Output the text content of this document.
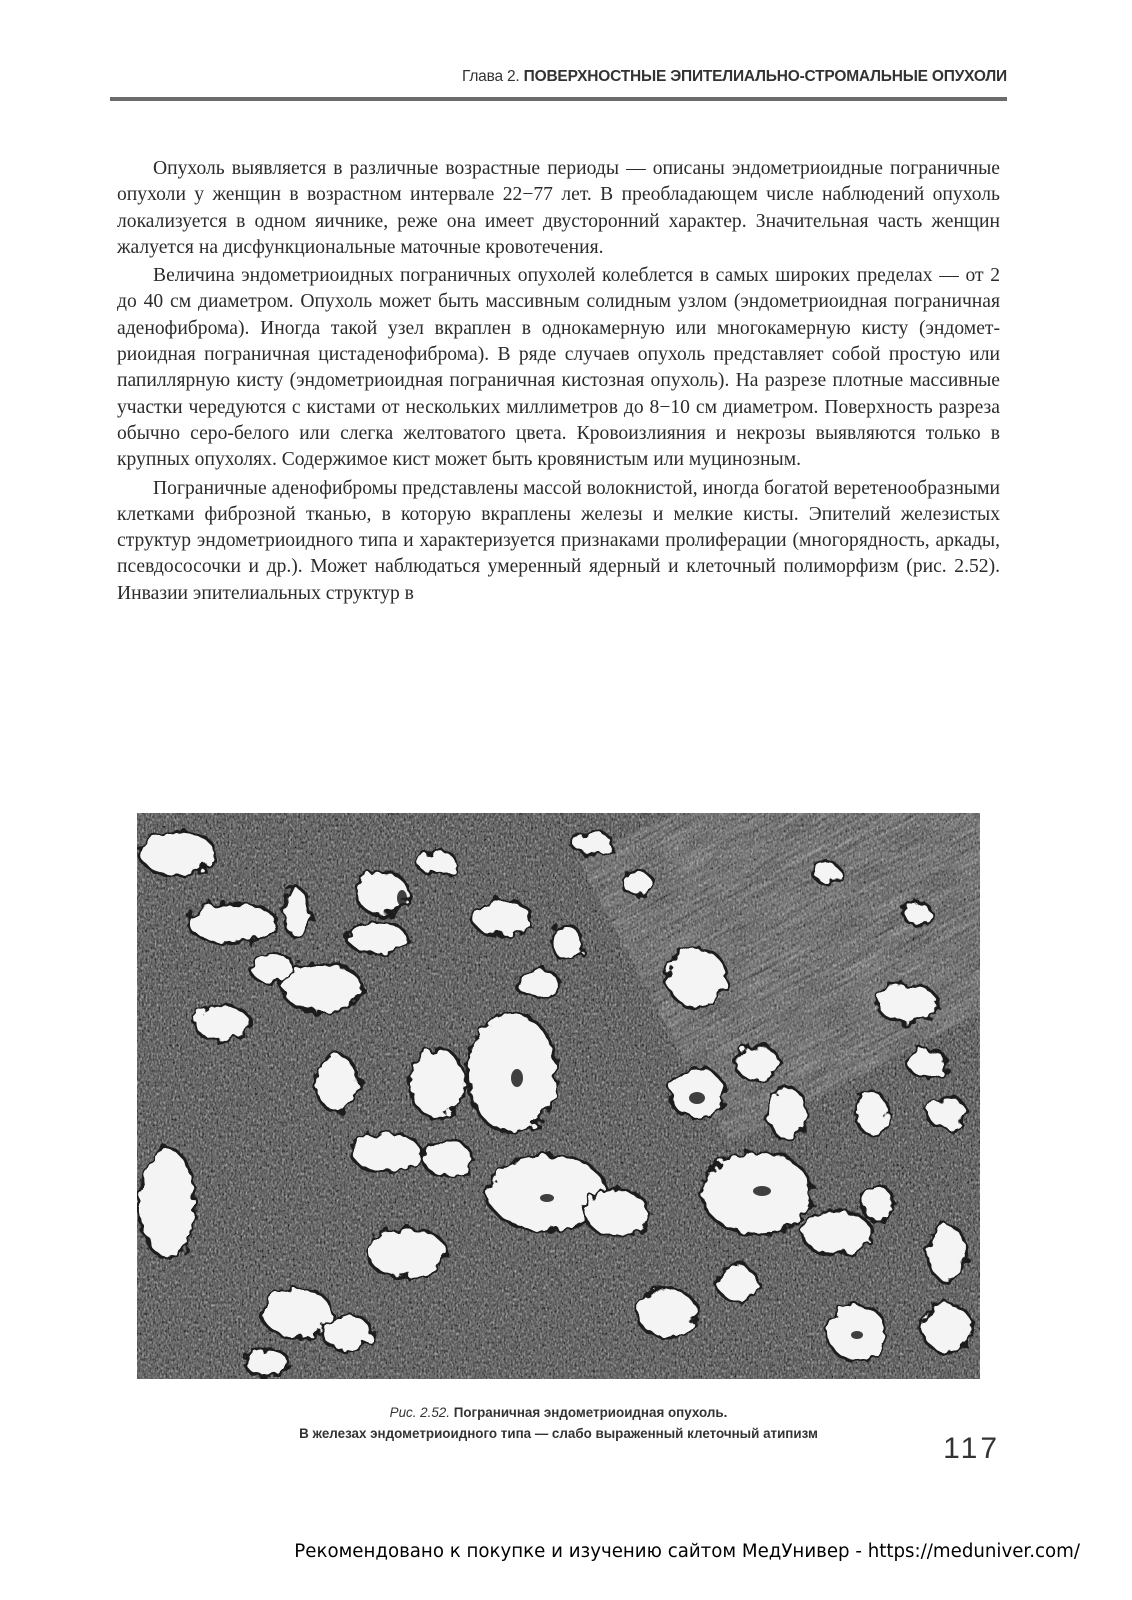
Глава 2. ПОВЕРХНОСТНЫЕ ЭПИТЕЛИАЛЬНО-СТРОМАЛЬНЫЕ ОПУХОЛИ

Опухоль выявляется в различные возрастные периоды — описаны эндометриоидные пограничные опухоли у женщин в возрастном интервале 22−77 лет. В преобладающем числе наблюдений опухоль локализуется в одном яичнике, реже она имеет двусторонний характер. Значительная часть женщин жалуется на дисфункциональные маточные кровотечения.

Величина эндометриоидных пограничных опухолей колеблется в самых широких пределах — от 2 до 40 см диаметром. Опухоль может быть массивным солидным узлом (эндометриоидная пограничная аденофиброма). Иногда такой узел вкраплен в однокамерную или многокамерную кисту (эндометриоидная пограничная цистаденофиброма). В ряде случаев опухоль представляет собой простую или папиллярную кисту (эндометриоидная пограничная кистозная опухоль). На разрезе плотные массивные участки чередуются с кистами от нескольких миллиметров до 8−10 см диаметром. Поверхность разреза обычно серо-белого или слегка желтоватого цвета. Кровоизлияния и некрозы выявляются только в крупных опухолях. Содержимое кист может быть кровянистым или муцинозным.

Пограничные аденофибромы представлены массой волокнистой, иногда богатой веретенообразными клетками фиброзной тканью, в которую вкраплены железы и мелкие кисты. Эпителий железистых структур эндометриоидного типа и характеризуется признаками пролиферации (многорядность, аркады, псевдососочки и др.). Может наблюдаться умеренный ядерный и клеточный полиморфизм (рис. 2.52). Инвазии эпителиальных структур в

Рис. 2.52. Пограничная эндометриоидная опухоль.
В железах эндометриоидного типа — слабо выраженный клеточный атипизм	117
Рекомендовано к покупке и изучению сайтом МедУнивер - https://meduniver.com/
